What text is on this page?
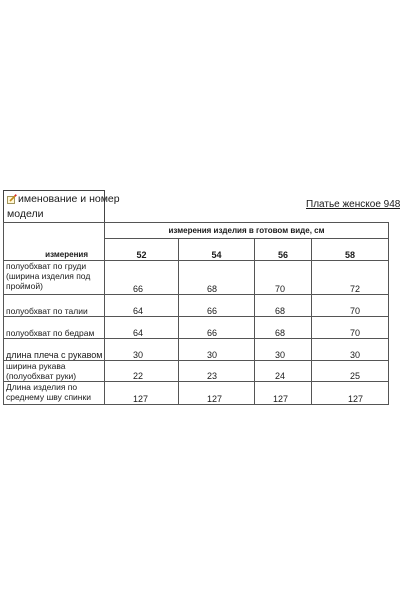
именование и номер
модели
Платье женское 948
	измерения изделия в готовом виде, см			
измерения	52	54	56	58
полуобхват по груди (ширина изделия под проймой)	66	68	70	72
полуобхват по талии	64	66	68	70
полуобхват по бедрам	64	66	68	70
длина плеча с рукавом	30	30	30	30
ширина рукава (полуобхват руки)	22	23	24	25
Длина изделия по среднему шву спинки	127	127	127	127
